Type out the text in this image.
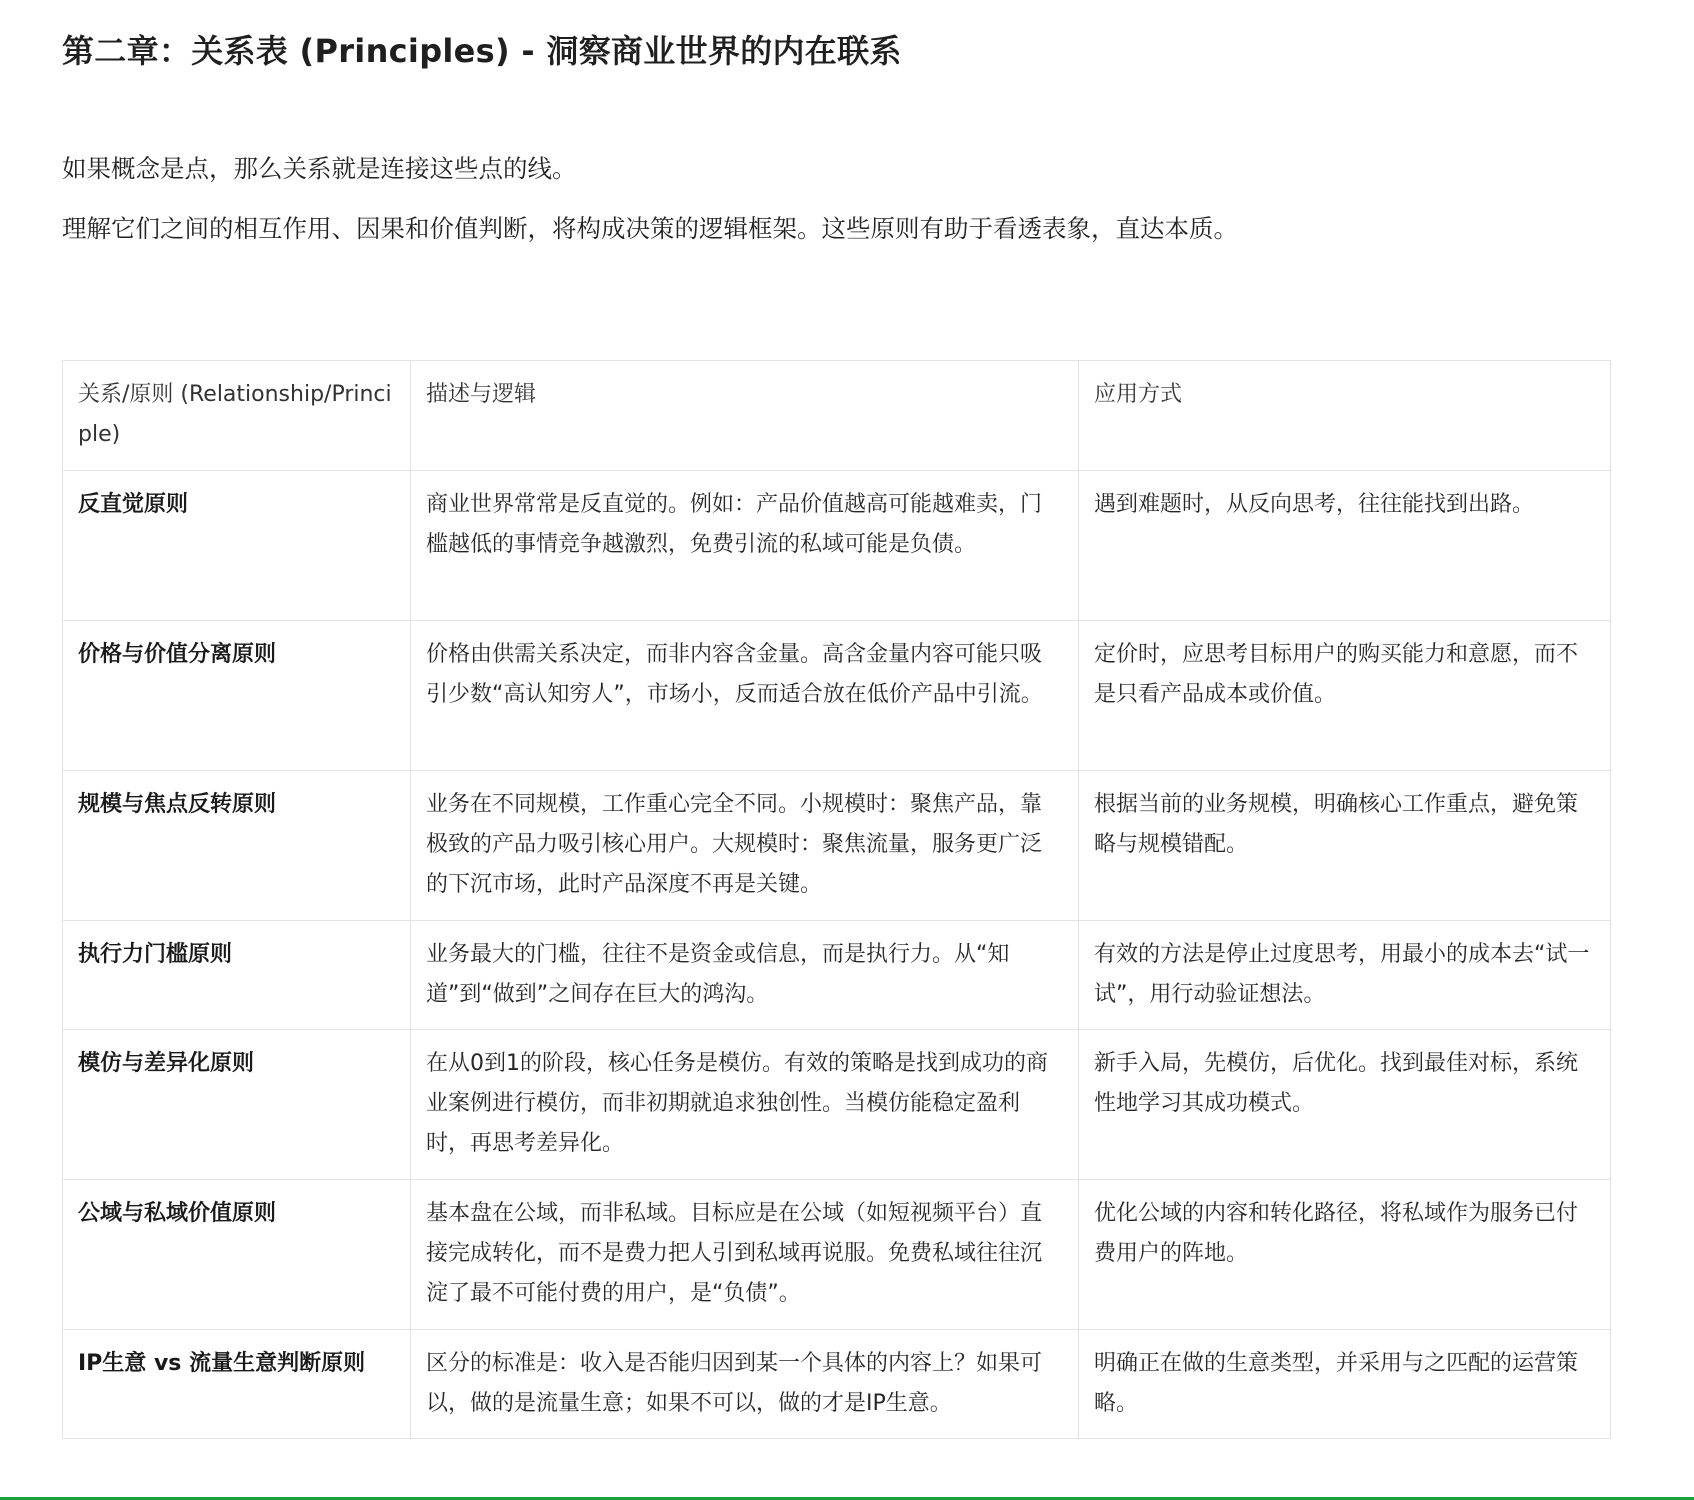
第二章：关系表 (Principles) - 洞察商业世界的内在联系

如果概念是点，那么关系就是连接这些点的线。

理解它们之间的相互作用、因果和价值判断，将构成决策的逻辑框架。这些原则有助于看透表象，直达本质。

关系/原则 (Relationship/Principle)	描述与逻辑	应用方式
反直觉原则	商业世界常常是反直觉的。例如：产品价值越高可能越难卖，门槛越低的事情竞争越激烈，免费引流的私域可能是负债。	遇到难题时，从反向思考，往往能找到出路。
价格与价值分离原则	价格由供需关系决定，而非内容含金量。高含金量内容可能只吸引少数“高认知穷人”，市场小，反而适合放在低价产品中引流。	定价时，应思考目标用户的购买能力和意愿，而不是只看产品成本或价值。
规模与焦点反转原则	业务在不同规模，工作重心完全不同。小规模时：聚焦产品，靠极致的产品力吸引核心用户。大规模时：聚焦流量，服务更广泛的下沉市场，此时产品深度不再是关键。	根据当前的业务规模，明确核心工作重点，避免策略与规模错配。
执行力门槛原则	业务最大的门槛，往往不是资金或信息，而是执行力。从“知道”到“做到”之间存在巨大的鸿沟。	有效的方法是停止过度思考，用最小的成本去“试一试”，用行动验证想法。
模仿与差异化原则	在从0到1的阶段，核心任务是模仿。有效的策略是找到成功的商业案例进行模仿，而非初期就追求独创性。当模仿能稳定盈利时，再思考差异化。	新手入局，先模仿，后优化。找到最佳对标，系统性地学习其成功模式。
公域与私域价值原则	基本盘在公域，而非私域。目标应是在公域（如短视频平台）直接完成转化，而不是费力把人引到私域再说服。免费私域往往沉淀了最不可能付费的用户，是“负债”。	优化公域的内容和转化路径，将私域作为服务已付费用户的阵地。
IP生意 vs 流量生意判断原则	区分的标准是：收入是否能归因到某一个具体的内容上？如果可以，做的是流量生意；如果不可以，做的才是IP生意。	明确正在做的生意类型，并采用与之匹配的运营策略。
